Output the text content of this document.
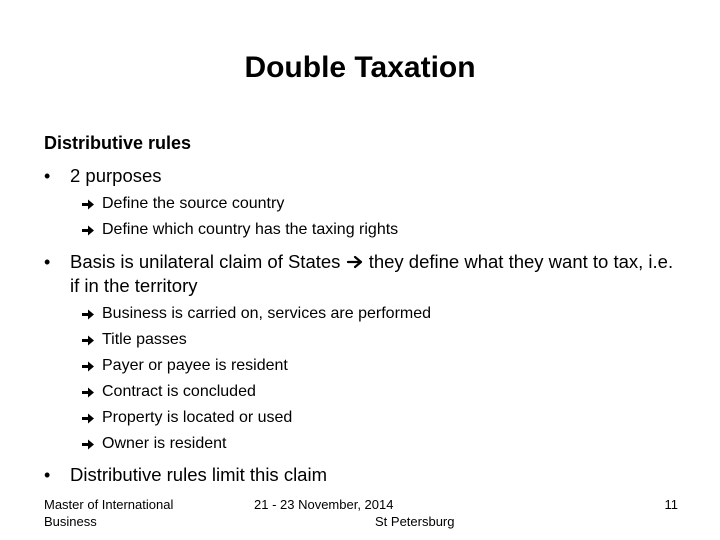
Double Taxation
Distributive rules
• 2 purposes
Define the source country
Define which country has the taxing rights
• Basis is unilateral claim of States they define what they want to tax, i.e. if in the territory
Business is carried on, services are performed
Title passes
Payer or payee is resident
Contract is concluded
Property is located or used
Owner is resident
• Distributive rules limit this claim
Master of International Business
21 - 23 November, 2014
St Petersburg
11
